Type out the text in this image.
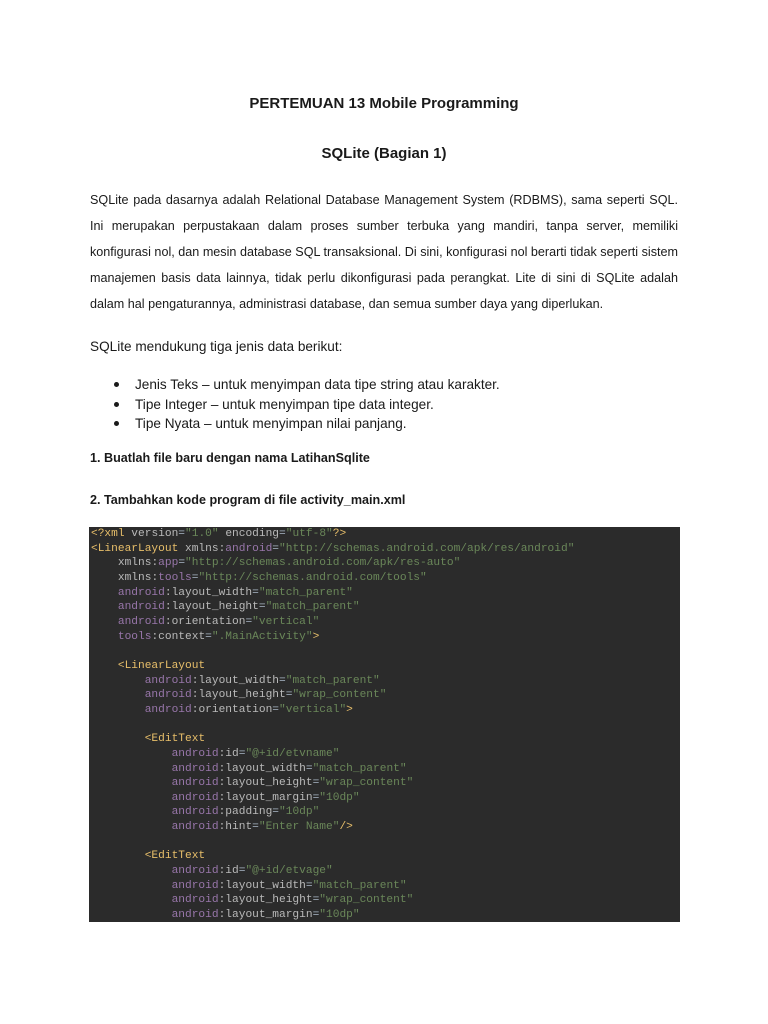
PERTEMUAN 13 Mobile Programming
SQLite (Bagian 1)
SQLite pada dasarnya adalah Relational Database Management System (RDBMS), sama seperti SQL. Ini merupakan perpustakaan dalam proses sumber terbuka yang mandiri, tanpa server, memiliki konfigurasi nol, dan mesin database SQL transaksional. Di sini, konfigurasi nol berarti tidak seperti sistem manajemen basis data lainnya, tidak perlu dikonfigurasi pada perangkat. Lite di sini di SQLite adalah dalam hal pengaturannya, administrasi database, dan semua sumber daya yang diperlukan.
SQLite mendukung tiga jenis data berikut:
Jenis Teks – untuk menyimpan data tipe string atau karakter.
Tipe Integer – untuk menyimpan tipe data integer.
Tipe Nyata – untuk menyimpan nilai panjang.
1. Buatlah file baru dengan nama LatihanSqlite
2. Tambahkan kode program di file activity_main.xml
<?xml version="1.0" encoding="utf-8"?>
<LinearLayout xmlns:android="http://schemas.android.com/apk/res/android"
xmlns:app="http://schemas.android.com/apk/res-auto"
xmlns:tools="http://schemas.android.com/tools"
android:layout_width="match_parent"
android:layout_height="match_parent"
android:orientation="vertical"
tools:context=".MainActivity">

<LinearLayout
android:layout_width="match_parent"
android:layout_height="wrap_content"
android:orientation="vertical">

<EditText
android:id="@+id/etvname"
android:layout_width="match_parent"
android:layout_height="wrap_content"
android:layout_margin="10dp"
android:padding="10dp"
android:hint="Enter Name"/>

<EditText
android:id="@+id/etvage"
android:layout_width="match_parent"
android:layout_height="wrap_content"
android:layout_margin="10dp"
